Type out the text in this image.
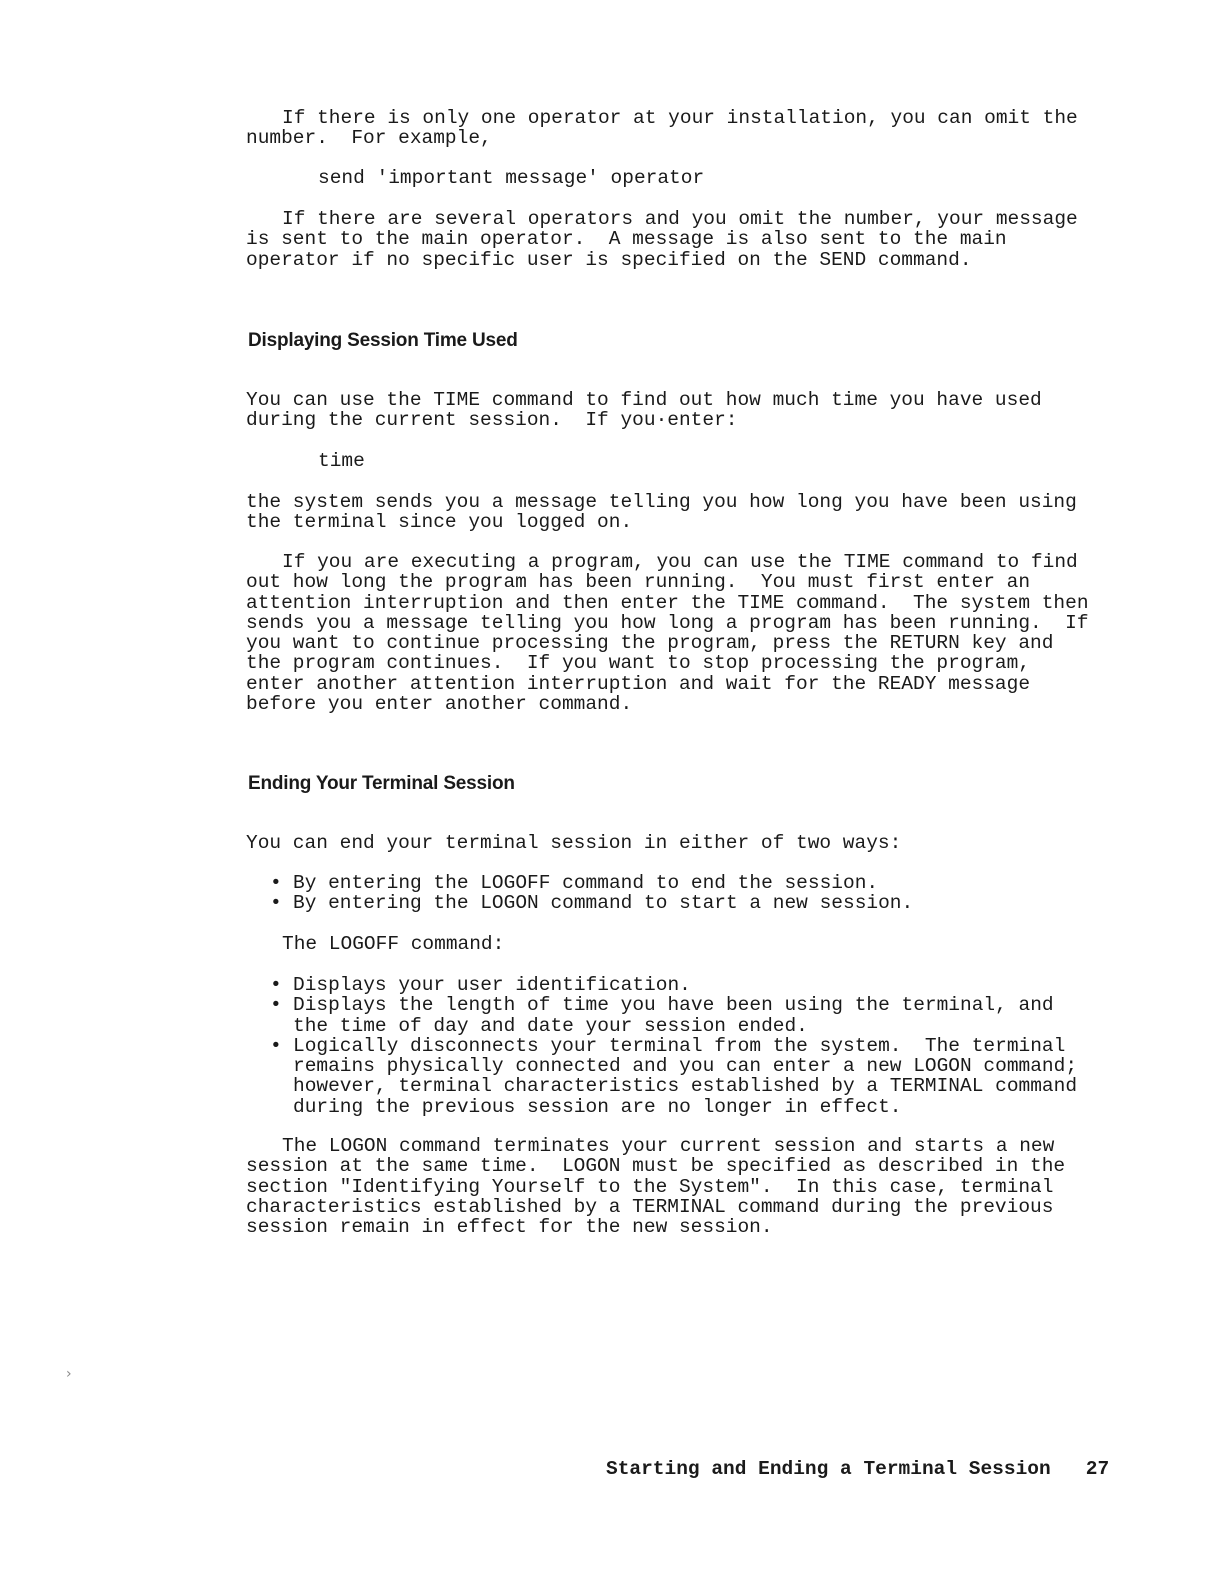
If there is only one operator at your installation, you can omit the
number.  For example,

send 'important message' operator

If there are several operators and you omit the number, your message
is sent to the main operator.  A message is also sent to the main
operator if no specific user is specified on the SEND command.

Displaying Session Time Used

You can use the TIME command to find out how much time you have used
during the current session.  If you·enter:

time

the system sends you a message telling you how long you have been using
the terminal since you logged on.

If you are executing a program, you can use the TIME command to find
out how long the program has been running.  You must first enter an
attention interruption and then enter the TIME command.  The system then
sends you a message telling you how long a program has been running.  If
you want to continue processing the program, press the RETURN key and
the program continues.  If you want to stop processing the program,
enter another attention interruption and wait for the READY message
before you enter another command.

Ending Your Terminal Session

You can end your terminal session in either of two ways:

• By entering the LOGOFF command to end the session.
• By entering the LOGON command to start a new session.

The LOGOFF command:

• Displays your user identification.
• Displays the length of time you have been using the terminal, and
the time of day and date your session ended.
• Logically disconnects your terminal from the system.  The terminal
remains physically connected and you can enter a new LOGON command;
however, terminal characteristics established by a TERMINAL command
during the previous session are no longer in effect.

The LOGON command terminates your current session and starts a new
session at the same time.  LOGON must be specified as described in the
section "Identifying Yourself to the System".  In this case, terminal
characteristics established by a TERMINAL command during the previous
session remain in effect for the new session.

Starting and Ending a Terminal Session 27
›
